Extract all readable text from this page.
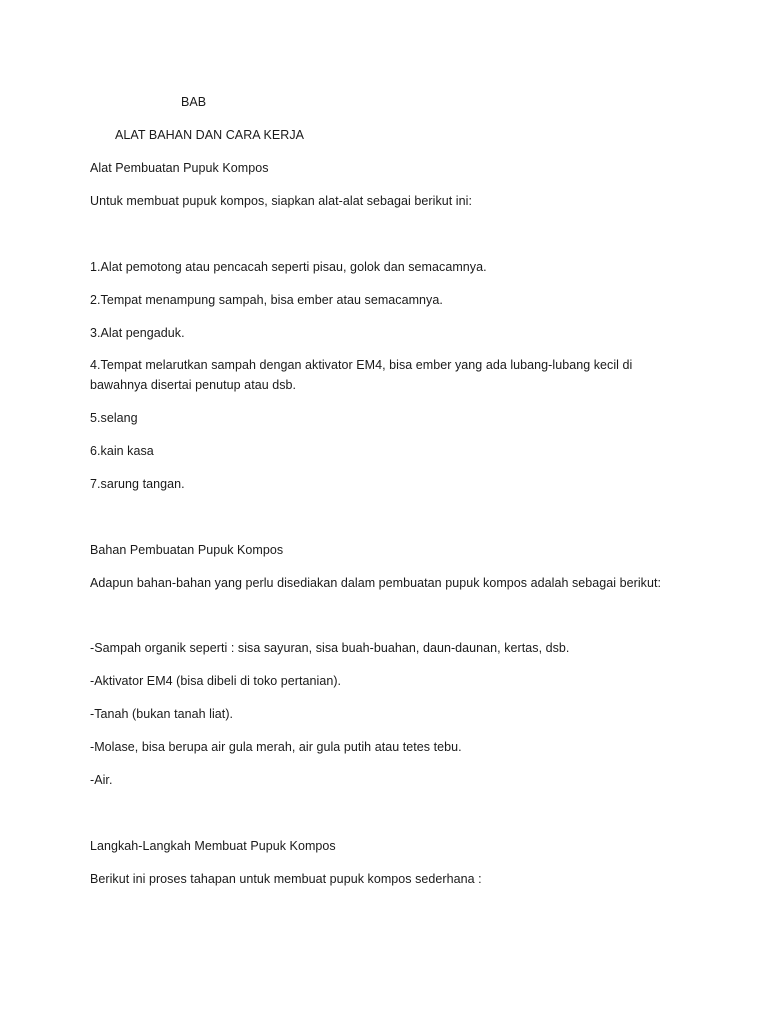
BAB
ALAT BAHAN DAN CARA KERJA
Alat Pembuatan Pupuk Kompos
Untuk membuat pupuk kompos, siapkan alat-alat sebagai berikut ini:
1.Alat pemotong atau pencacah seperti pisau, golok dan semacamnya.
2.Tempat menampung sampah, bisa ember atau semacamnya.
3.Alat pengaduk.
4.Tempat melarutkan sampah dengan aktivator EM4, bisa ember yang ada lubang-lubang kecil di
bawahnya disertai penutup atau dsb.
5.selang
6.kain kasa
7.sarung tangan.
Bahan Pembuatan Pupuk Kompos
Adapun bahan-bahan yang perlu disediakan dalam pembuatan pupuk kompos adalah sebagai berikut:
-Sampah organik seperti : sisa sayuran, sisa buah-buahan, daun-daunan, kertas, dsb.
-Aktivator EM4 (bisa dibeli di toko pertanian).
-Tanah (bukan tanah liat).
-Molase, bisa berupa air gula merah, air gula putih atau tetes tebu.
-Air.
Langkah-Langkah Membuat Pupuk Kompos
Berikut ini proses tahapan untuk membuat pupuk kompos sederhana :
